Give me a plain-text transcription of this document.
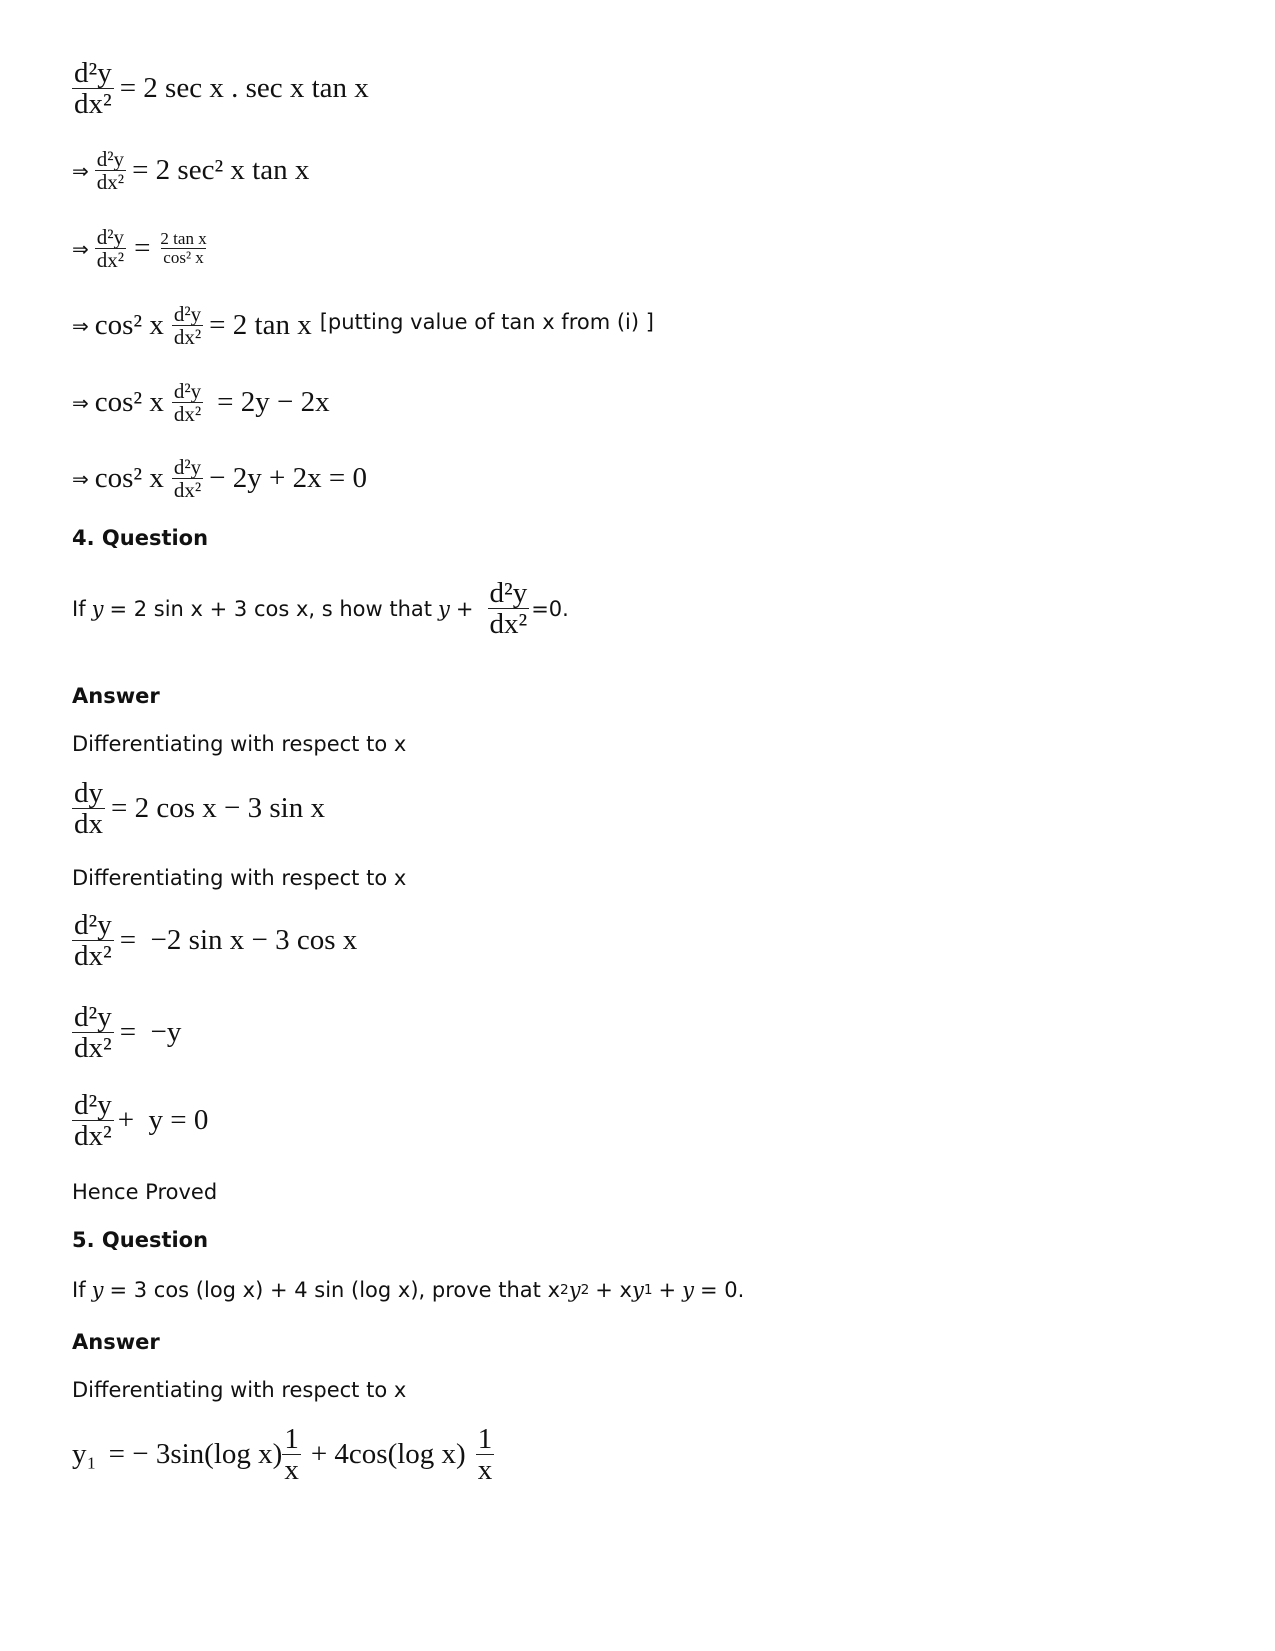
$\frac{\text{d²y}}{\text{dx²}} = 2$ sec x . sec x tan x
⇒ $\frac{\text{d²y}}{\text{dx²}} = 2$ sec² x tan x
⇒ $\frac{\text{d²y}}{\text{dx²}} = \frac{\text{2 tan x}}{\text{cos² x}}$
⇒ cos² x $\frac{\text{d²y}}{\text{dx²}} = 2$ tan x [putting value of tan x from (i) ]
⇒ cos² x $\frac{\text{d²y}}{\text{dx²}} = 2y - 2x$
⇒ cos² x $\frac{\text{d²y}}{\text{dx²}} - 2y + 2x = 0$
4. Question
If y = 2 sin x + 3 cos x, s how that $y + \frac{\text{d²y}}{\text{dx²}} =0$.
Answer
Differentiating with respect to x
$\frac{dy}{dx} = 2$ cos x − 3 sin x
Differentiating with respect to x
$\frac{\text{d²y}}{\text{dx²}} = -2$ sin x − 3 cos x
$\frac{\text{d²y}}{\text{dx²}} = -y$
$\frac{\text{d²y}}{\text{dx²}} + y = 0$
Hence Proved
5. Question
If y = 3 cos (log x) + 4 sin (log x), prove that x 2 y 2 + x y 1 + y = 0.
Answer
Differentiating with respect to x
y₁ = − 3sin(log $x) \frac{1}{x} + 4\cos(\log$ $x) \frac{1}{x}$
